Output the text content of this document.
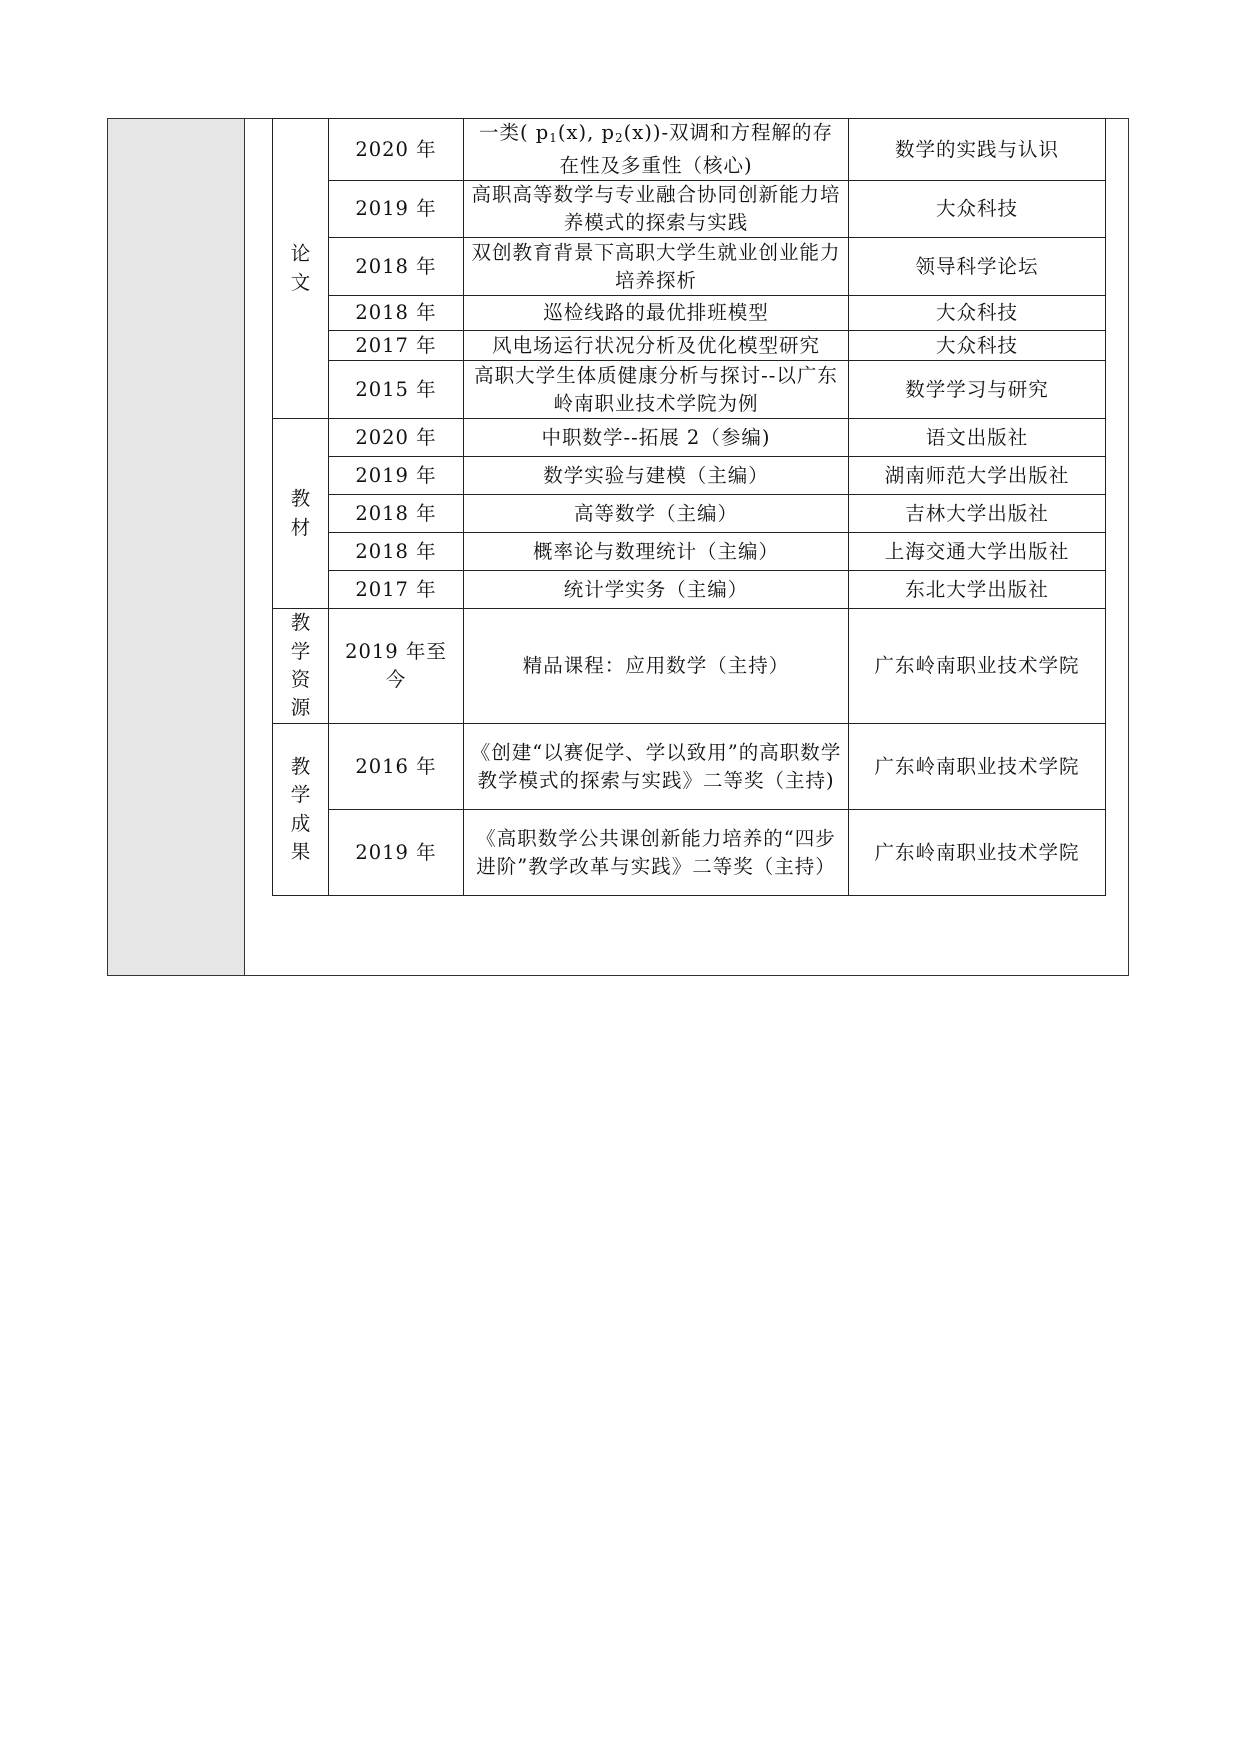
论文	2020 年	一类( $p_1(x)$, $p_2(x))-$双调和方程解的存在性及多重性（核心)	数学的实践与认识
	2019 年	高职高等数学与专业融合协同创新能力培养模式的探索与实践	大众科技
	2018 年	双创教育背景下高职大学生就业创业能力培养探析	领导科学论坛
	2018 年	巡检线路的最优排班模型	大众科技
	2017 年	风电场运行状况分析及优化模型研究	大众科技
	2015 年	高职大学生体质健康分析与探讨--以广东岭南职业技术学院为例	数学学习与研究
教材	2020 年	中职数学--拓展 2（参编)	语文出版社
	2019 年	数学实验与建模（主编）	湖南师范大学出版社
	2018 年	高等数学（主编）	吉林大学出版社
	2018 年	概率论与数理统计（主编）	上海交通大学出版社
	2017 年	统计学实务（主编）	东北大学出版社
教学资源	2019 年至今	精品课程：应用数学（主持）	广东岭南职业技术学院
教学成果	2016 年	《创建“以赛促学、学以致用”的高职数学教学模式的探索与实践》二等奖（主持)	广东岭南职业技术学院
	2019 年	《高职数学公共课创新能力培养的“四步进阶”教学改革与实践》二等奖（主持）	广东岭南职业技术学院
